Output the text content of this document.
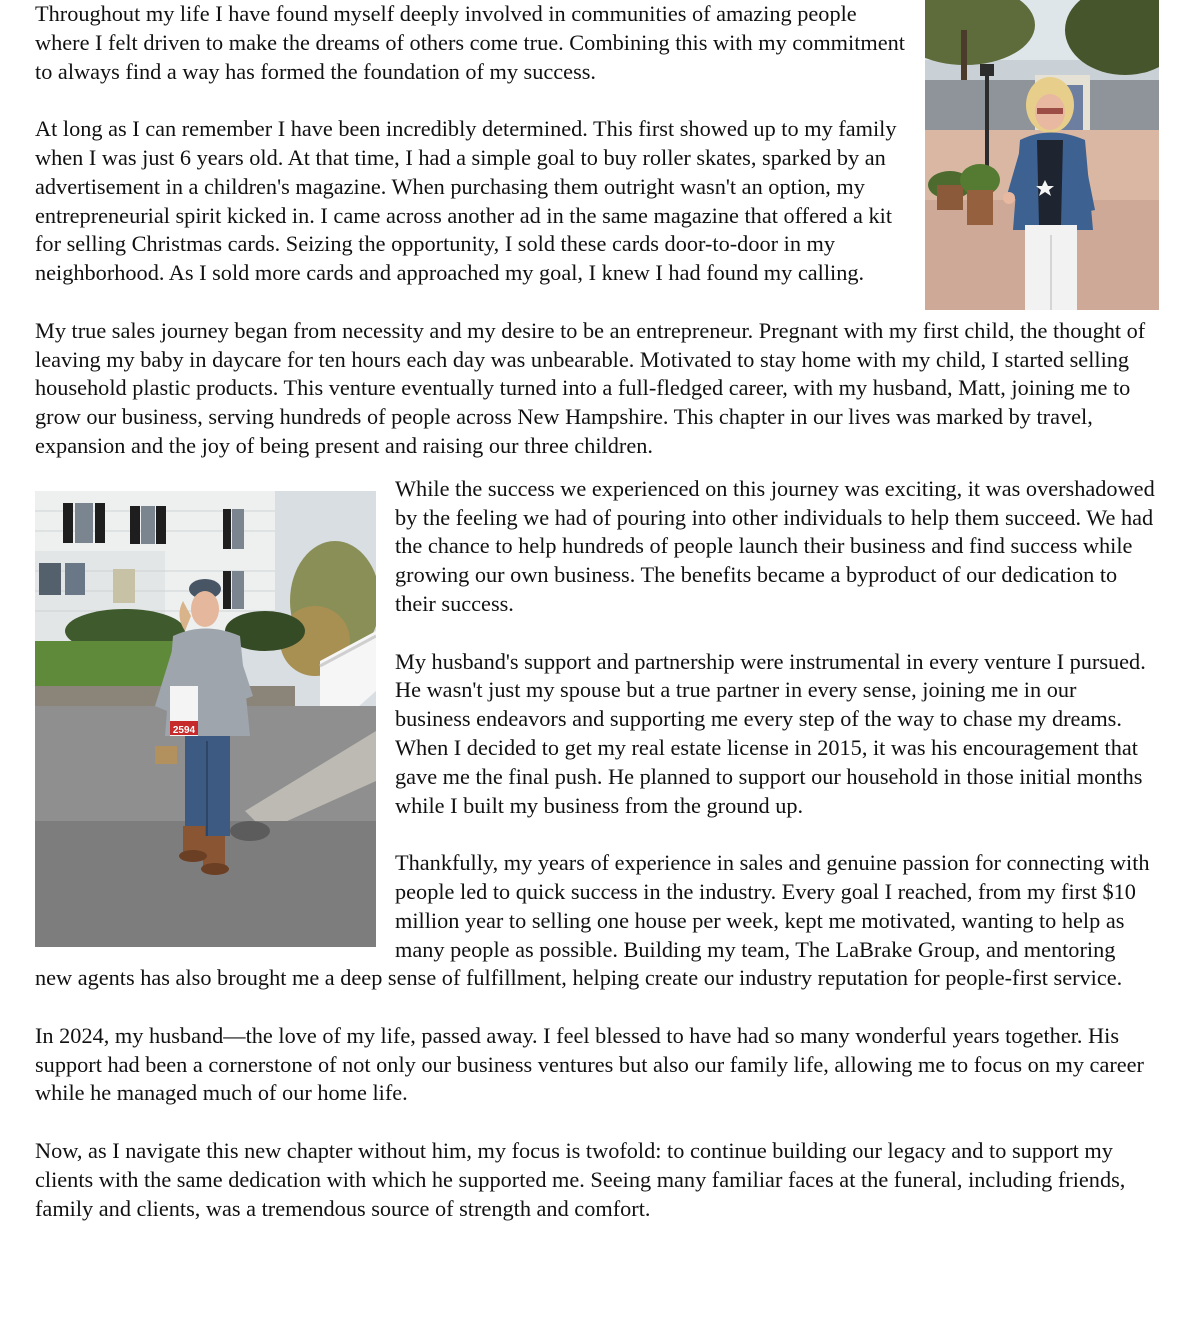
Throughout my life I have found myself deeply involved in communities of amazing people where I felt driven to make the dreams of others come true. Combining this with my commitment to always find a way has formed the foundation of my success.

At long as I can remember I have been incredibly determined. This first showed up to my family when I was just 6 years old. At that time, I had a simple goal to buy roller skates, sparked by an advertisement in a children's magazine. When purchasing them outright wasn't an option, my entrepreneurial spirit kicked in. I came across another ad in the same magazine that offered a kit for selling Christmas cards. Seizing the opportunity, I sold these cards door-to-door in my neighborhood. As I sold more cards and approached my goal, I knew I had found my calling.

My true sales journey began from necessity and my desire to be an entrepreneur. Pregnant with my first child, the thought of leaving my baby in daycare for ten hours each day was unbearable. Motivated to stay home with my child, I started selling household plastic products. This venture eventually turned into a full-fledged career, with my husband, Matt, joining me to grow our business, serving hundreds of people across New Hampshire. This chapter in our lives was marked by travel, expansion and the joy of being present and raising our three children.

2594

While the success we experienced on this journey was exciting, it was overshadowed by the feeling we had of pouring into other individuals to help them succeed. We had the chance to help hundreds of people launch their business and find success while growing our own business. The benefits became a byproduct of our dedication to their success.

My husband's support and partnership were instrumental in every venture I pursued. He wasn't just my spouse but a true partner in every sense, joining me in our business endeavors and supporting me every step of the way to chase my dreams. When I decided to get my real estate license in 2015, it was his encouragement that gave me the final push. He planned to support our household in those initial months while I built my business from the ground up.

Thankfully, my years of experience in sales and genuine passion for connecting with people led to quick success in the industry. Every goal I reached, from my first $10 million year to selling one house per week, kept me motivated, wanting to help as many people as possible. Building my team, The LaBrake Group, and mentoring new agents has also brought me a deep sense of fulfillment, helping create our industry reputation for people-first service.

In 2024, my husband—the love of my life, passed away. I feel blessed to have had so many wonderful years together. His support had been a cornerstone of not only our business ventures but also our family life, allowing me to focus on my career while he managed much of our home life.

Now, as I navigate this new chapter without him, my focus is twofold: to continue building our legacy and to support my clients with the same dedication with which he supported me. Seeing many familiar faces at the funeral, including friends, family and clients, was a tremendous source of strength and comfort.
